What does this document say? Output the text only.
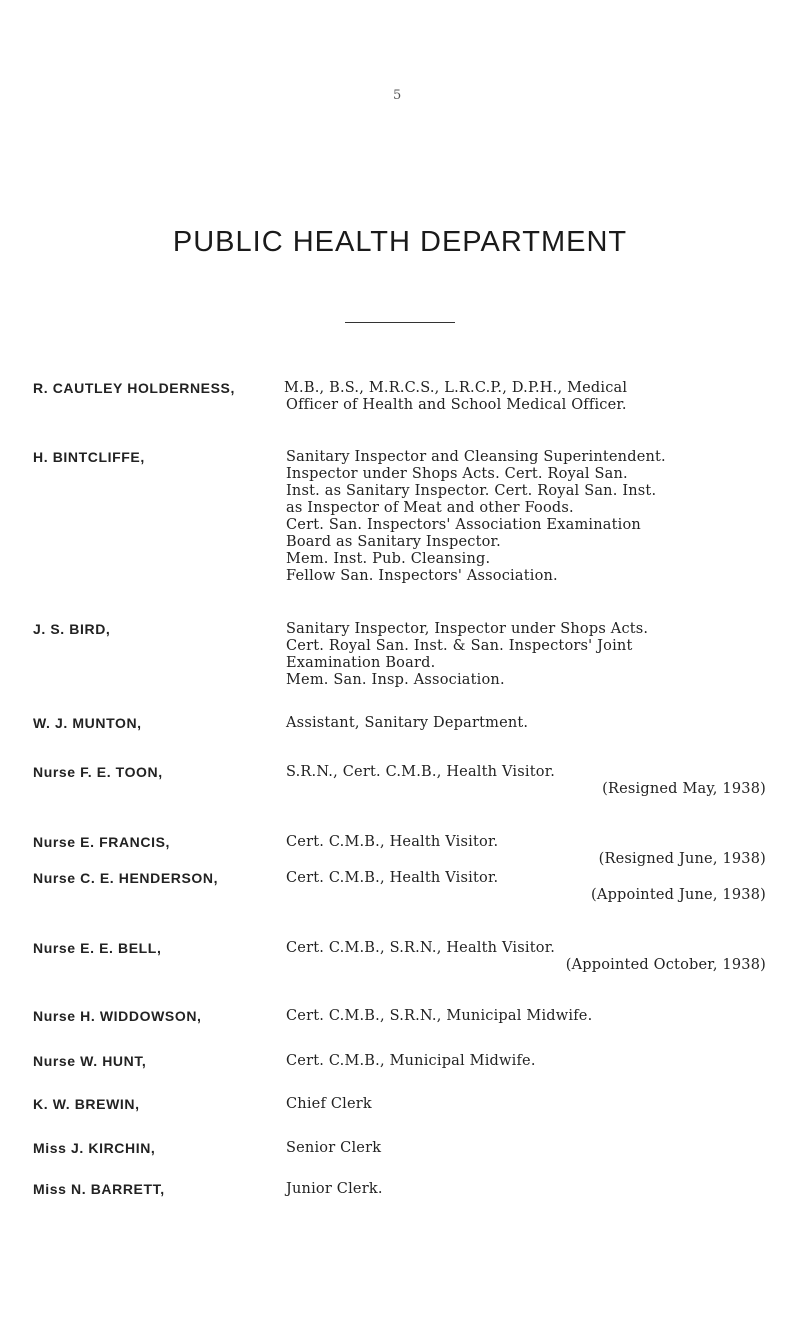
5
PUBLIC HEALTH DEPARTMENT
R. CAUTLEY HOLDERNESS,	M.B., B.S., M.R.C.S., L.R.C.P., D.P.H., Medical
Officer of Health and School Medical Officer.
H. BINTCLIFFE,	Sanitary Inspector and Cleansing Superintendent.
Inspector under Shops Acts. Cert. Royal San.
Inst. as Sanitary Inspector. Cert. Royal San. Inst.
as Inspector of Meat and other Foods.
Cert. San. Inspectors' Association Examination
Board as Sanitary Inspector.
Mem. Inst. Pub. Cleansing.
Fellow San. Inspectors' Association.
J. S. BIRD,	Sanitary Inspector, Inspector under Shops Acts.
Cert. Royal San. Inst. & San. Inspectors' Joint
Examination Board.
Mem. San. Insp. Association.
W. J. MUNTON,	Assistant, Sanitary Department.
Nurse F. E. TOON,	S.R.N., Cert. C.M.B., Health Visitor.
(Resigned May, 1938)
Nurse E. FRANCIS,	Cert. C.M.B., Health Visitor.
(Resigned June, 1938)
Nurse C. E. HENDERSON,	Cert. C.M.B., Health Visitor.
(Appointed June, 1938)
Nurse E. E. BELL,	Cert. C.M.B., S.R.N., Health Visitor.
(Appointed October, 1938)
Nurse H. WIDDOWSON,	Cert. C.M.B., S.R.N., Municipal Midwife.
Nurse W. HUNT,	Cert. C.M.B., Municipal Midwife.
K. W. BREWIN,	Chief Clerk
Miss J. KIRCHIN,	Senior Clerk
Miss N. BARRETT,	Junior Clerk.
